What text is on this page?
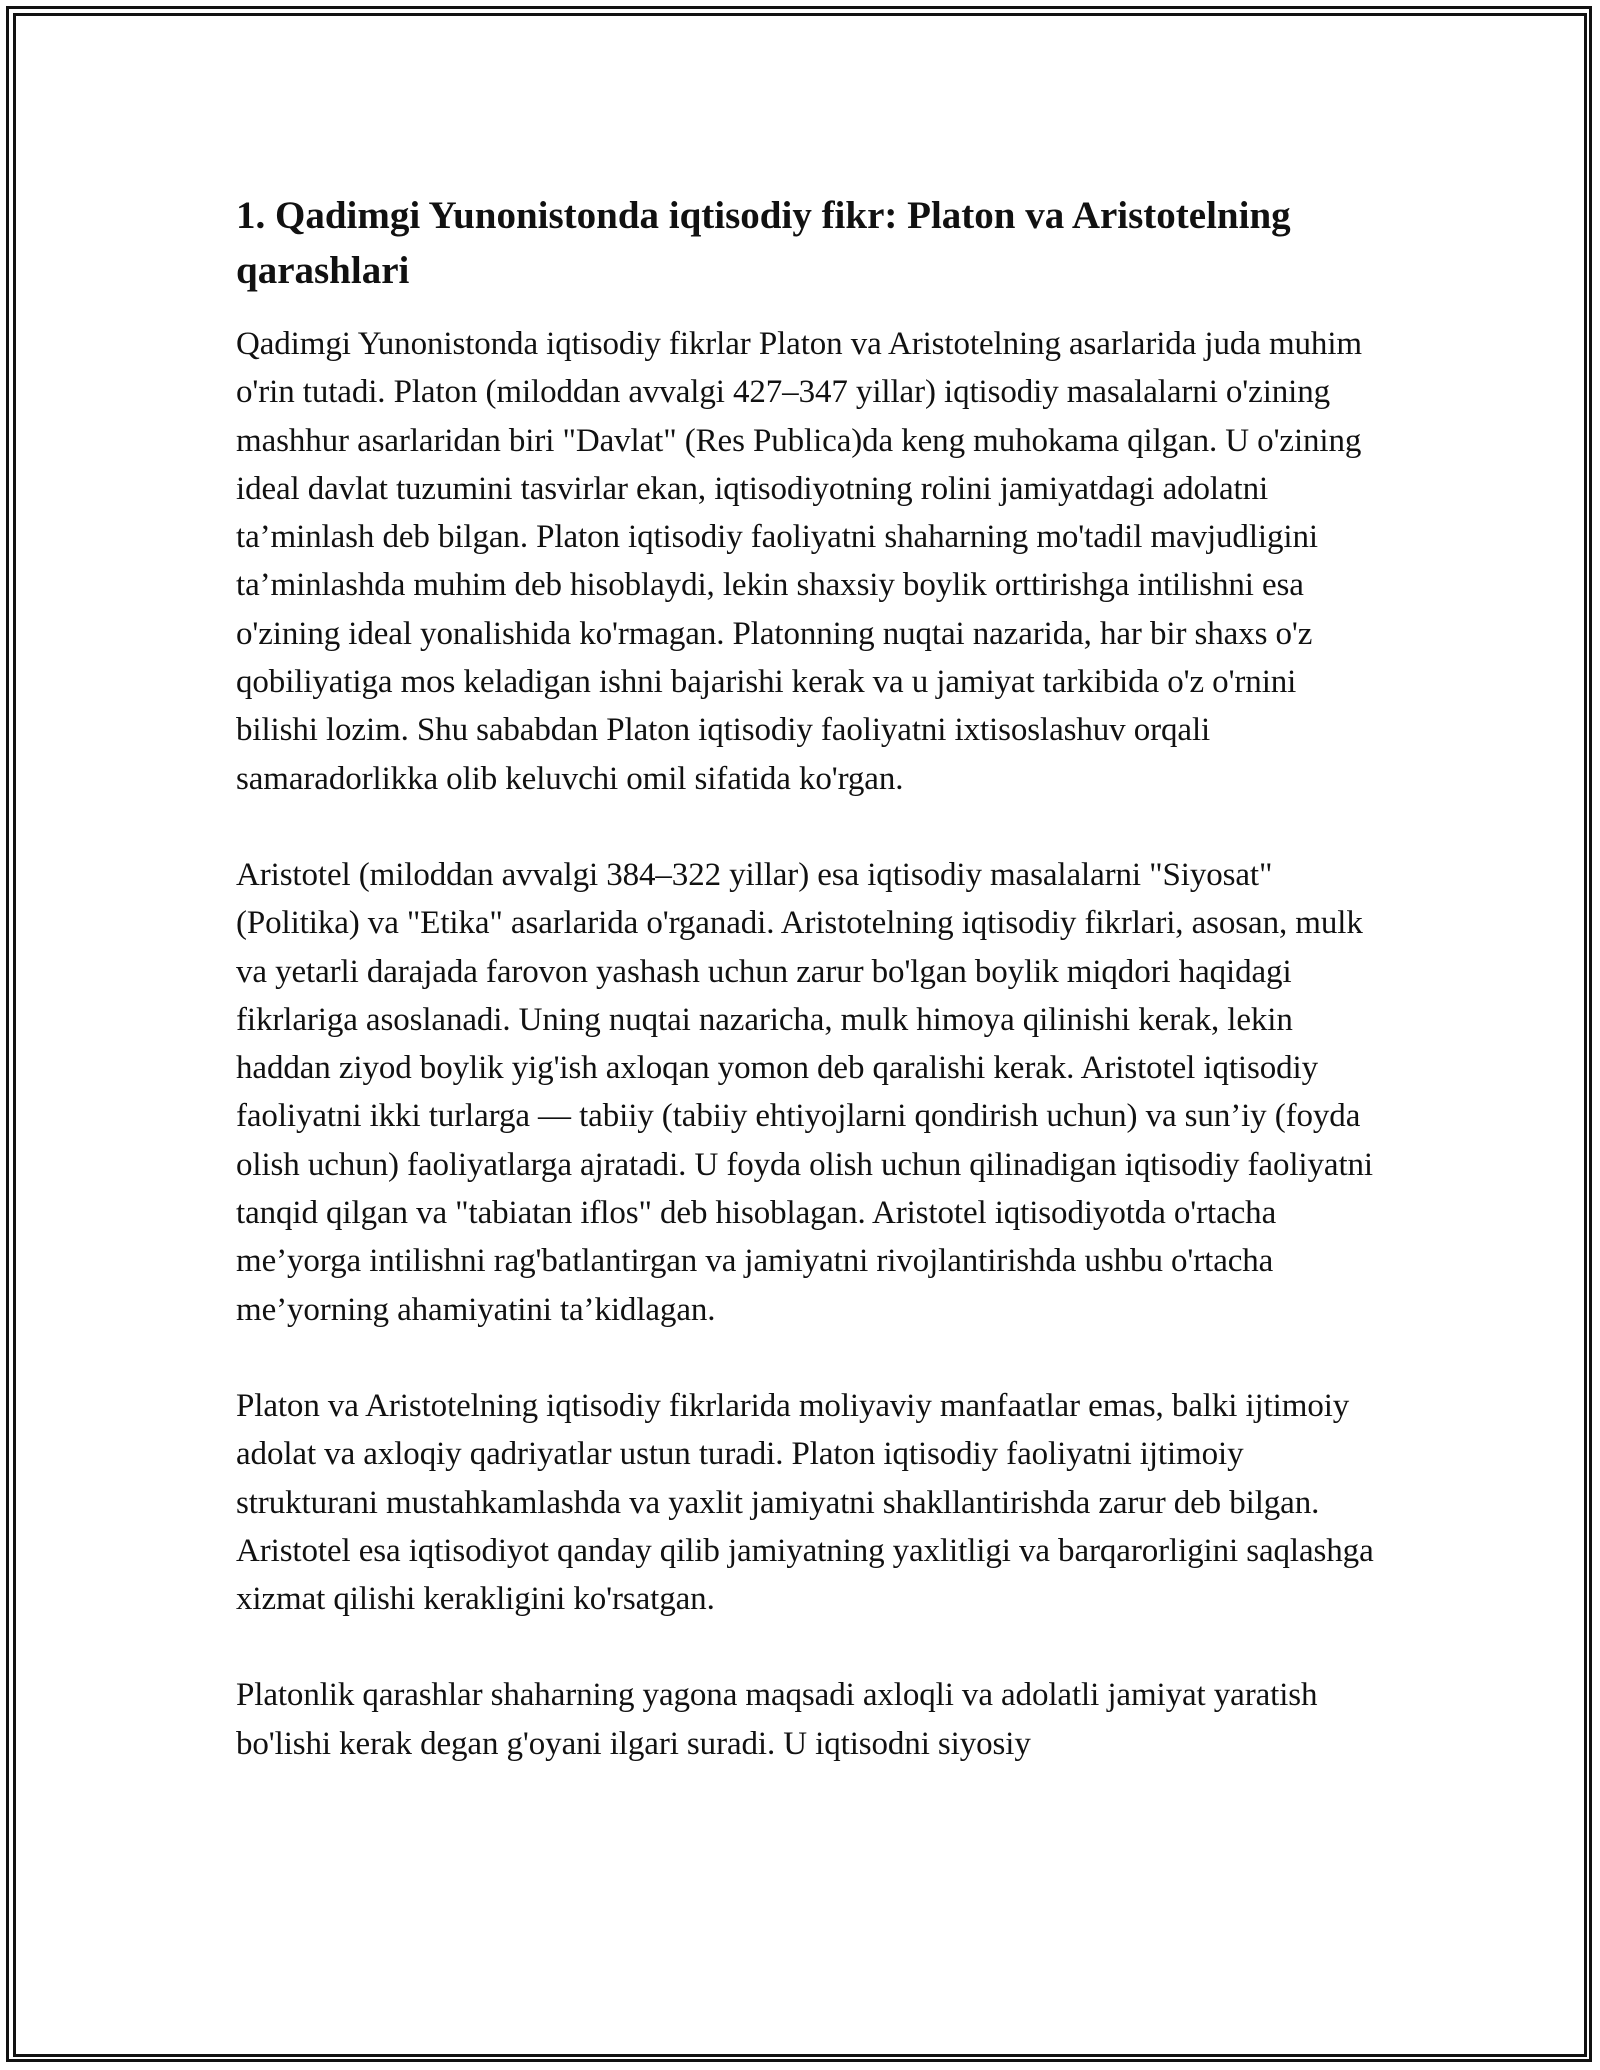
1. Qadimgi Yunonistonda iqtisodiy fikr: Platon va Aristotelning qarashlari

Qadimgi Yunonistonda iqtisodiy fikrlar Platon va Aristotelning asarlarida juda muhim o'rin tutadi. Platon (miloddan avvalgi 427–347 yillar) iqtisodiy masalalarni o'zining mashhur asarlaridan biri "Davlat" (Res Publica)da keng muhokama qilgan. U o'zining ideal davlat tuzumini tasvirlar ekan, iqtisodiyotning rolini jamiyatdagi adolatni ta’minlash deb bilgan. Platon iqtisodiy faoliyatni shaharning mo'tadil mavjudligini ta’minlashda muhim deb hisoblaydi, lekin shaxsiy boylik orttirishga intilishni esa o'zining ideal yonalishida ko'rmagan. Platonning nuqtai nazarida, har bir shaxs o'z qobiliyatiga mos keladigan ishni bajarishi kerak va u jamiyat tarkibida o'z o'rnini bilishi lozim. Shu sababdan Platon iqtisodiy faoliyatni ixtisoslashuv orqali samaradorlikka olib keluvchi omil sifatida ko'rgan.

Aristotel (miloddan avvalgi 384–322 yillar) esa iqtisodiy masalalarni "Siyosat" (Politika) va "Etika" asarlarida o'rganadi. Aristotelning iqtisodiy fikrlari, asosan, mulk va yetarli darajada farovon yashash uchun zarur bo'lgan boylik miqdori haqidagi fikrlariga asoslanadi. Uning nuqtai nazaricha, mulk himoya qilinishi kerak, lekin haddan ziyod boylik yig'ish axloqan yomon deb qaralishi kerak. Aristotel iqtisodiy faoliyatni ikki turlarga — tabiiy (tabiiy ehtiyojlarni qondirish uchun) va sun’iy (foyda olish uchun) faoliyatlarga ajratadi. U foyda olish uchun qilinadigan iqtisodiy faoliyatni tanqid qilgan va "tabiatan iflos" deb hisoblagan. Aristotel iqtisodiyotda o'rtacha me’yorga intilishni rag'batlantirgan va jamiyatni rivojlantirishda ushbu o'rtacha me’yorning ahamiyatini ta’kidlagan.

Platon va Aristotelning iqtisodiy fikrlarida moliyaviy manfaatlar emas, balki ijtimoiy adolat va axloqiy qadriyatlar ustun turadi. Platon iqtisodiy faoliyatni ijtimoiy strukturani mustahkamlashda va yaxlit jamiyatni shakllantirishda zarur deb bilgan. Aristotel esa iqtisodiyot qanday qilib jamiyatning yaxlitligi va barqarorligini saqlashga xizmat qilishi kerakligini ko'rsatgan.

Platonlik qarashlar shaharning yagona maqsadi axloqli va adolatli jamiyat yaratish bo'lishi kerak degan g'oyani ilgari suradi. U iqtisodni siyosiy
